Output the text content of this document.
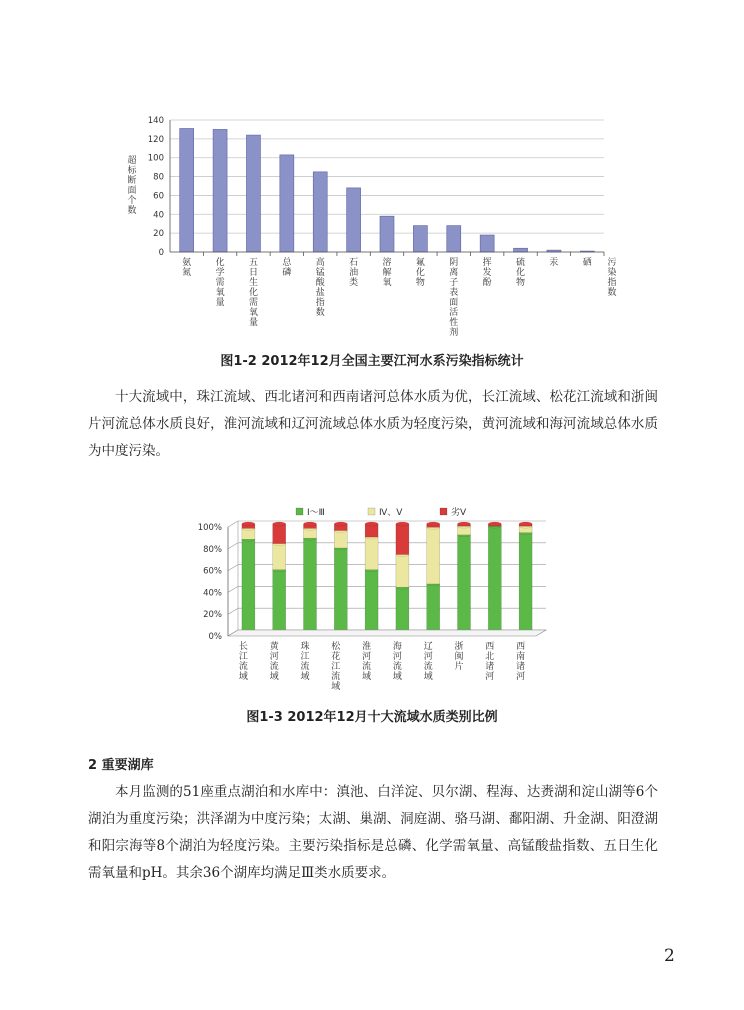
0
20
40
60
80
100
120
140
氨氮
化学需氧量
五日生化需氧量
总磷
高锰酸盐指数
石油类
溶解氧
氟化物
阴离子表面活性剂
挥发酚
硫化物
汞	硒
超标断面个数
污染指数
图1-2 2012年12月全国主要江河水系污染指标统计

十大流域中，珠江流域、西北诸河和西南诸河总体水质为优，长江流域、松花江流域和浙闽片河流总体水质良好，淮河流域和辽河流域总体水质为轻度污染，黄河流域和海河流域总体水质为中度污染。

Ⅰ～Ⅲ	Ⅳ、Ⅴ	劣Ⅴ
0%
20%
40%
60%
80%
100%
长江流域
黄河流域
珠江流域
松花江流域
淮河流域
海河流域
辽河流域
浙闽片
西北诸河
西南诸河
图1-3 2012年12月十大流域水质类别比例
2 重要湖库

本月监测的51座重点湖泊和水库中：滇池、白洋淀、贝尔湖、程海、达赉湖和淀山湖等6个湖泊为重度污染；洪泽湖为中度污染；太湖、巢湖、洞庭湖、骆马湖、鄱阳湖、升金湖、阳澄湖和阳宗海等8个湖泊为轻度污染。主要污染指标是总磷、化学需氧量、高锰酸盐指数、五日生化需氧量和pH。其余36个湖库均满足Ⅲ类水质要求。

2
